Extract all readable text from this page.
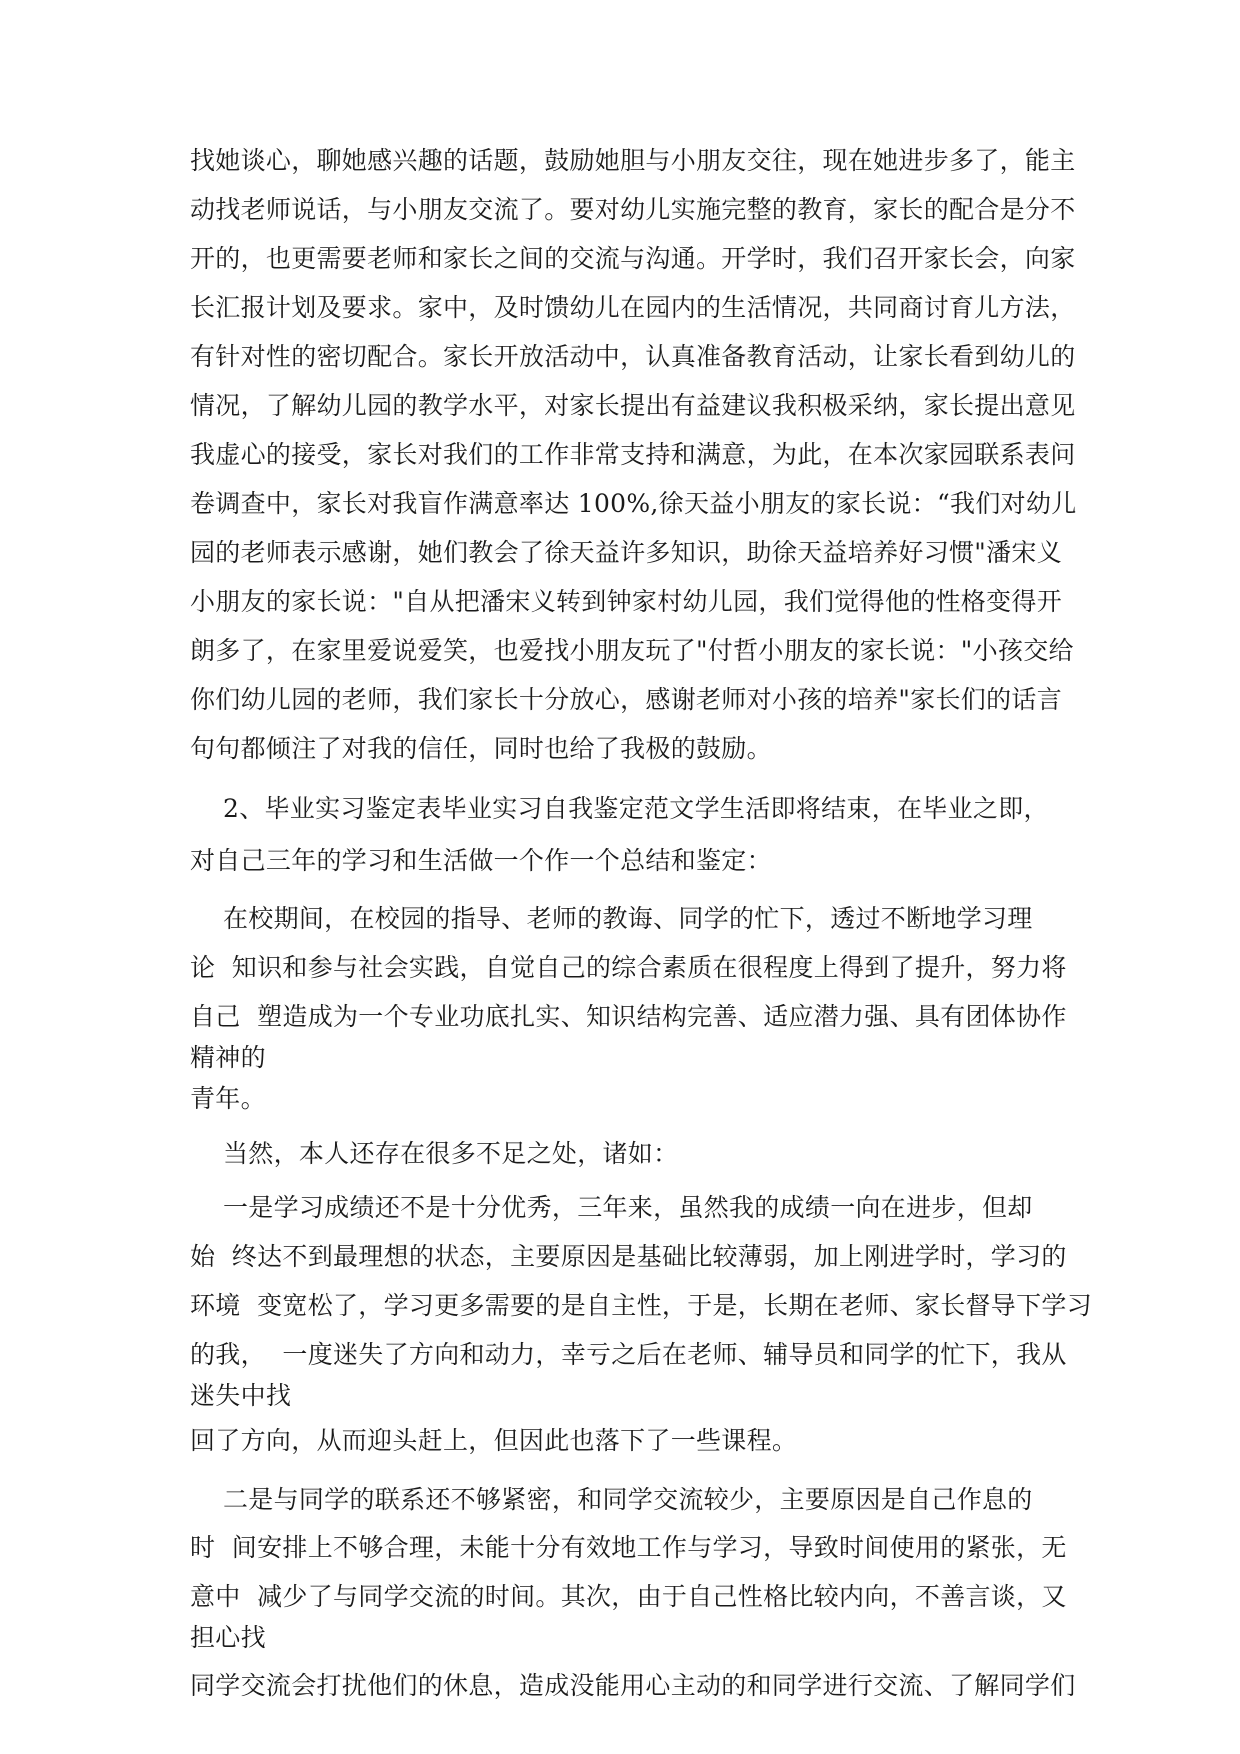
找她谈心，聊她感兴趣的话题，鼓励她胆与小朋友交往，现在她进步多了，能主
动找老师说话，与小朋友交流了。要对幼儿实施完整的教育，家长的配合是分不
开的，也更需要老师和家长之间的交流与沟通。开学时，我们召开家长会，向家
长汇报计划及要求。家中，及时馈幼儿在园内的生活情况，共同商讨育儿方法，
有针对性的密切配合。家长开放活动中，认真准备教育活动，让家长看到幼儿的
情况，了解幼儿园的教学水平，对家长提出有益建议我积极采纳，家长提出意见
我虚心的接受，家长对我们的工作非常支持和满意，为此，在本次家园联系表问
卷调查中，家长对我盲作满意率达 100%,徐天益小朋友的家长说：“我们对幼儿
园的老师表示感谢，她们教会了徐天益许多知识，助徐天益培养好习惯"潘宋义
小朋友的家长说："自从把潘宋义转到钟家村幼儿园，我们觉得他的性格变得开
朗多了，在家里爱说爱笑，也爱找小朋友玩了"付哲小朋友的家长说："小孩交给
你们幼儿园的老师，我们家长十分放心，感谢老师对小孩的培养"家长们的话言
句句都倾注了对我的信任，同时也给了我极的鼓励。
2、毕业实习鉴定表毕业实习自我鉴定范文学生活即将结束，在毕业之即，
对自己三年的学习和生活做一个作一个总结和鉴定：
在校期间，在校园的指导、老师的教诲、同学的忙下，透过不断地学习理
论  知识和参与社会实践，自觉自己的综合素质在很程度上得到了提升，努力将
自己  塑造成为一个专业功底扎实、知识结构完善、适应潜力强、具有团体协作
精神的
青年。
当然，本人还存在很多不足之处，诸如：
一是学习成绩还不是十分优秀，三年来，虽然我的成绩一向在进步，但却
始  终达不到最理想的状态，主要原因是基础比较薄弱，加上刚进学时，学习的
环境  变宽松了，学习更多需要的是自主性，于是，长期在老师、家长督导下学习
的我，  一度迷失了方向和动力，幸亏之后在老师、辅导员和同学的忙下，我从
迷失中找
回了方向，从而迎头赶上，但因此也落下了一些课程。
二是与同学的联系还不够紧密，和同学交流较少，主要原因是自己作息的
时  间安排上不够合理，未能十分有效地工作与学习，导致时间使用的紧张，无
意中  减少了与同学交流的时间。其次，由于自己性格比较内向，不善言谈，又
担心找
同学交流会打扰他们的休息，造成没能用心主动的和同学进行交流、了解同学们
